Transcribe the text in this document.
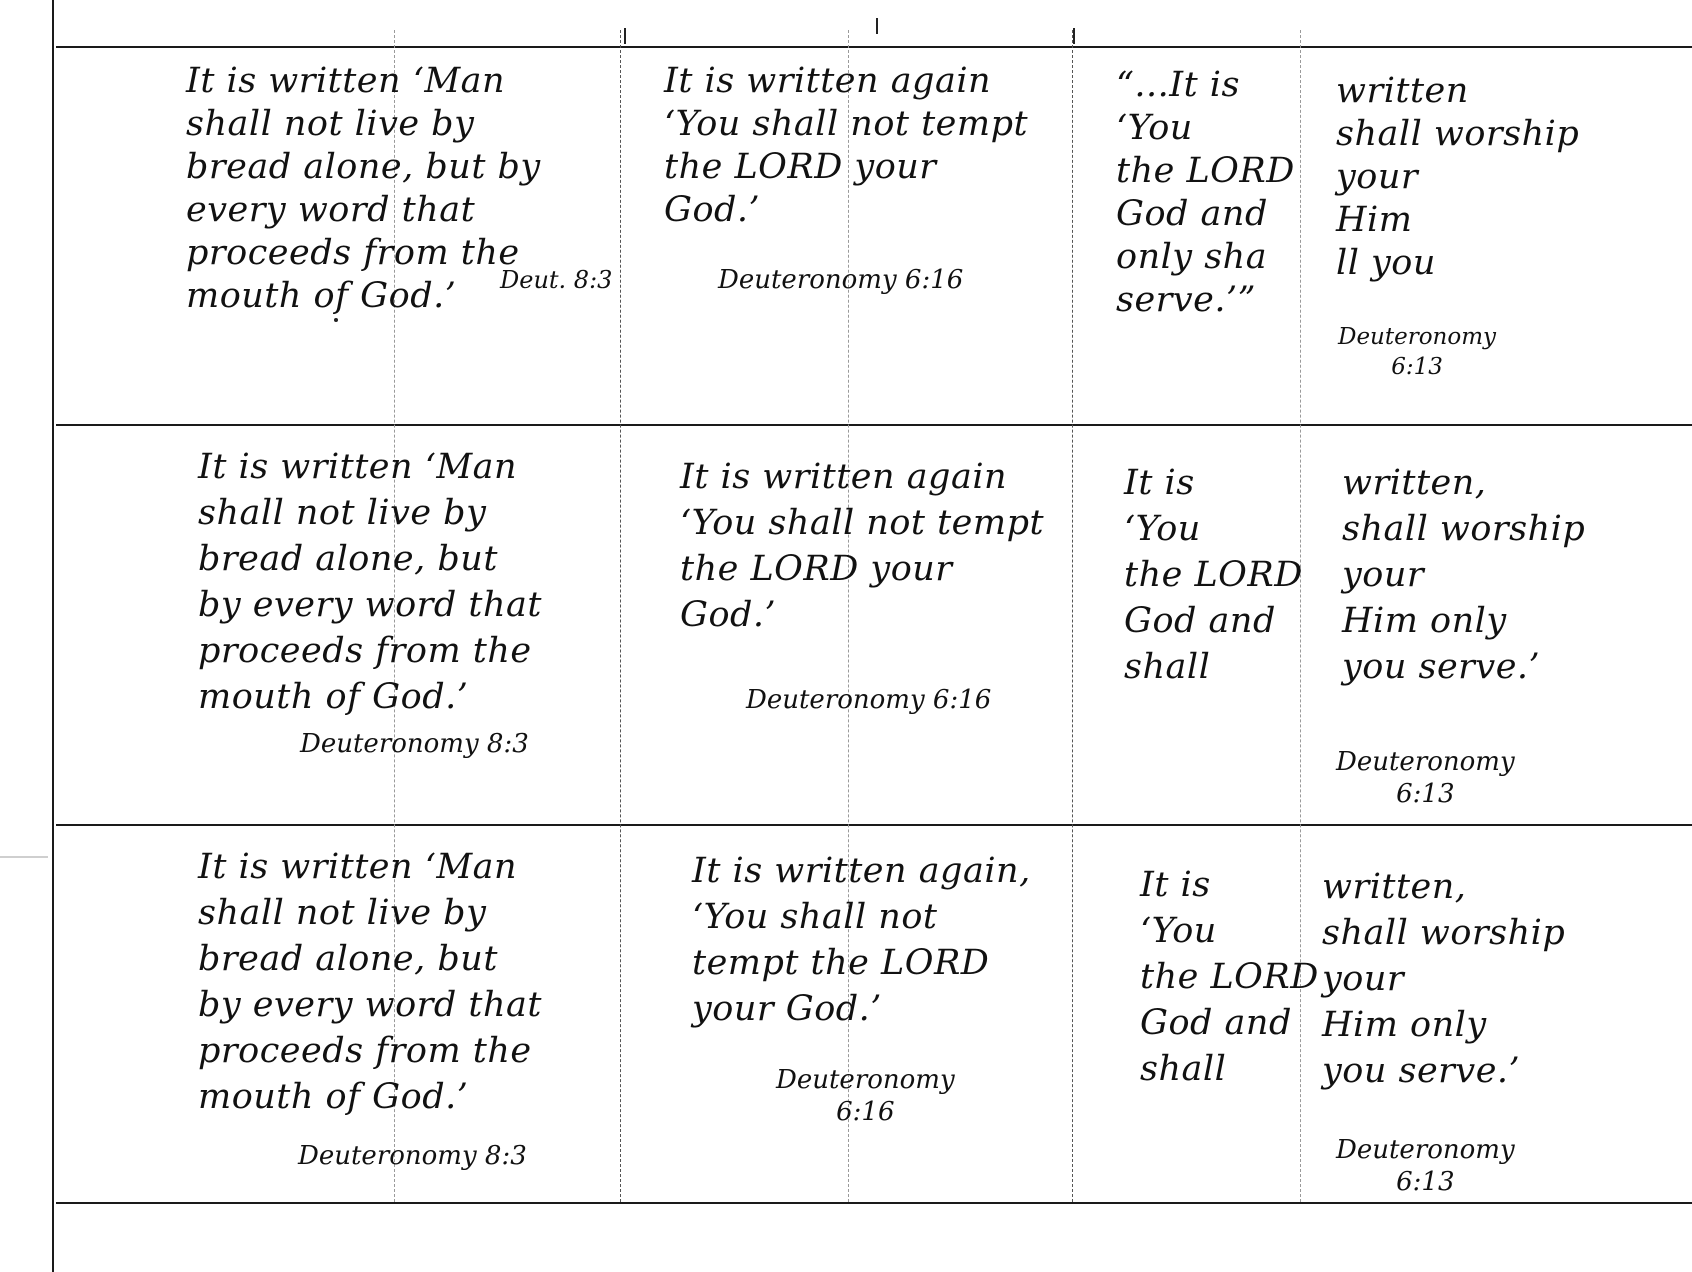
It is written ‘Man
shall not live by
bread alone, but by
every word that
proceeds from the
mouth of God.’	Deut. 8:3
It is written again
‘You shall not tempt
the LORD your
God.’
Deuteronomy 6:16
“...It is
‘You
the LORD
God and
only sha
serve.’”
written
shall worship
your
Him
ll you
Deuteronomy
6:13
It is written ‘Man
shall not live by
bread alone, but
by every word that
proceeds from the
mouth of God.’
Deuteronomy 8:3
It is written again
‘You shall not tempt
the LORD your
God.’
Deuteronomy 6:16
It is
‘You
the LORD
God and
shall
written,
shall worship
your
Him only
you serve.’
Deuteronomy
6:13
It is written ‘Man
shall not live by
bread alone, but
by every word that
proceeds from the
mouth of God.’
Deuteronomy 8:3
It is written again,
‘You shall not
tempt the LORD
your God.’
Deuteronomy
6:16
It is
‘You
the LORD
God and
shall
written,
shall worship
your
Him only
you serve.’
Deuteronomy
6:13
